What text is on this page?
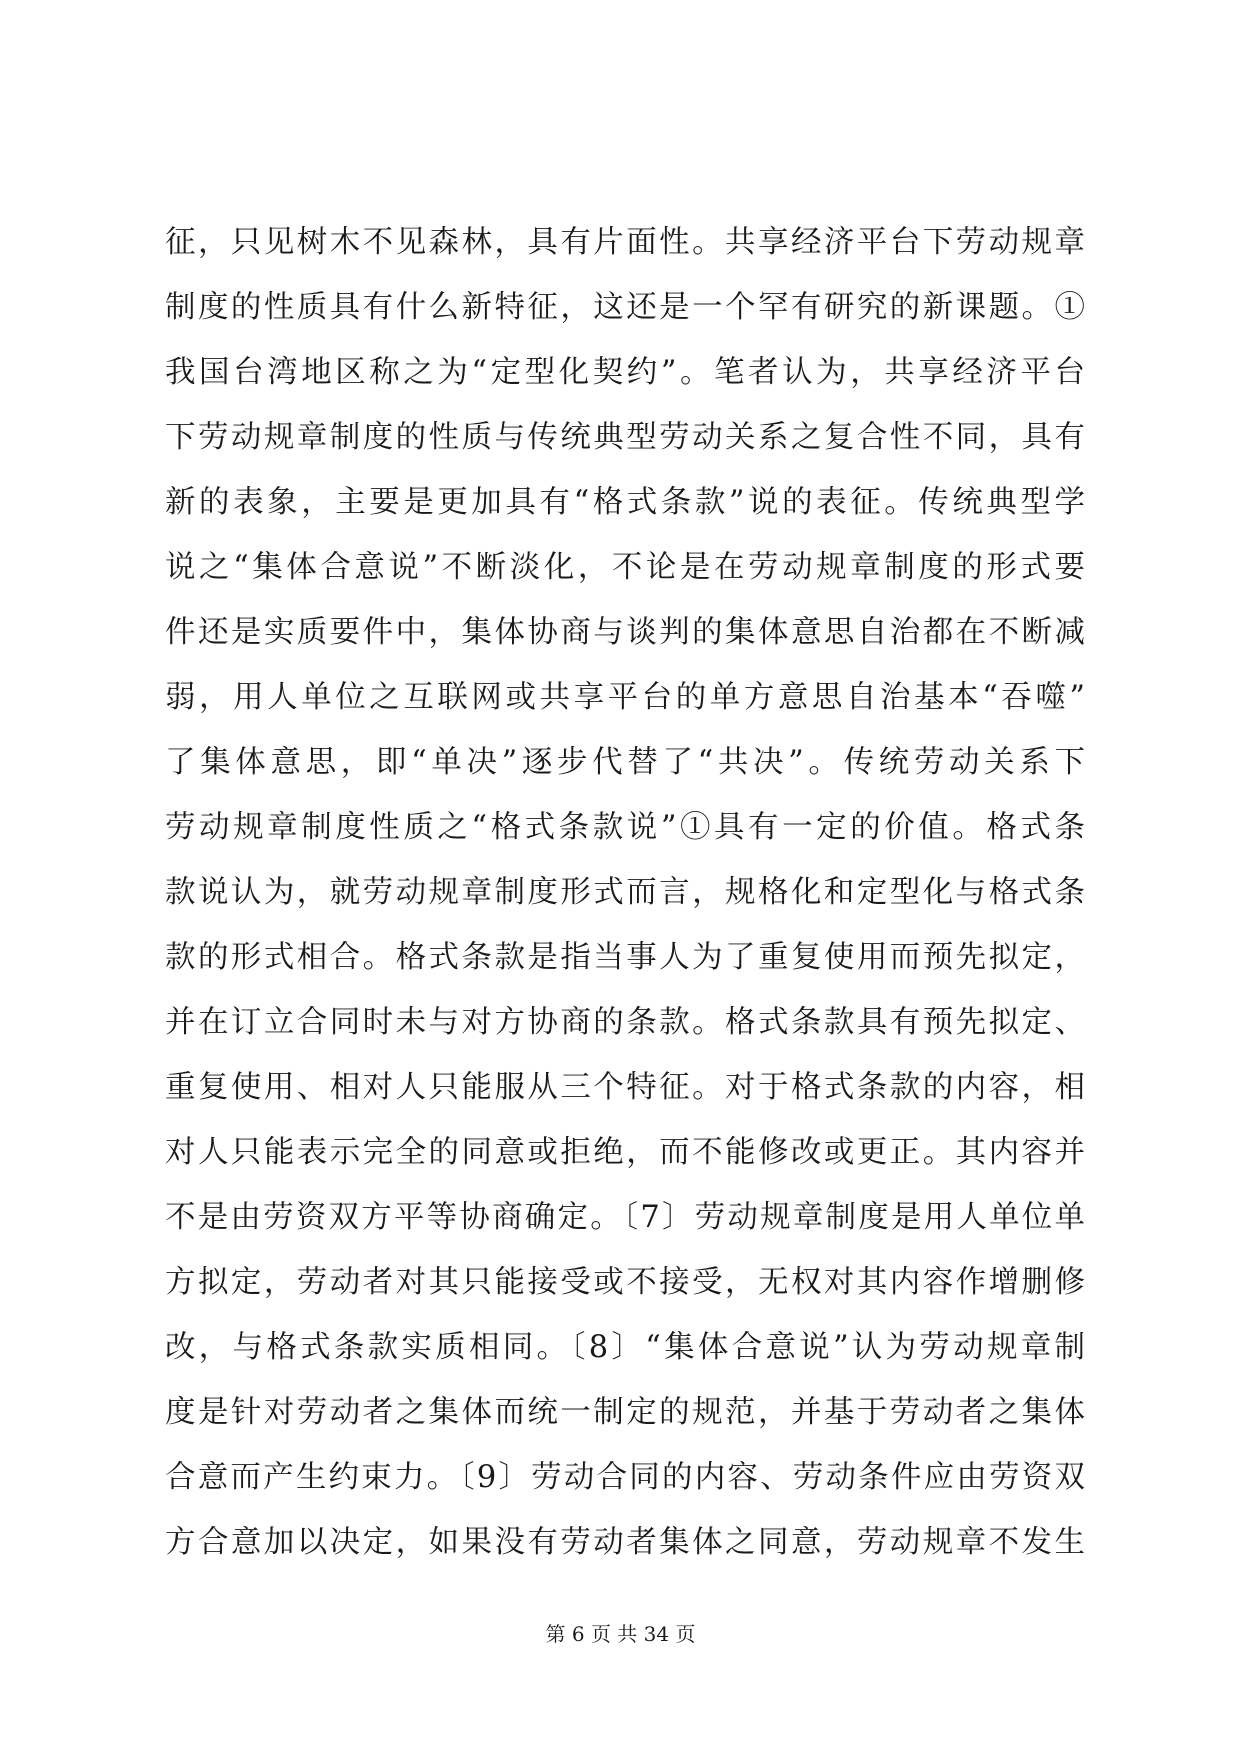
征，只见树木不见森林，具有片面性。共享经济平台下劳动规章
制度的性质具有什么新特征，这还是一个罕有研究的新课题。①
我国台湾地区称之为“定型化契约”。笔者认为，共享经济平台
下劳动规章制度的性质与传统典型劳动关系之复合性不同，具有
新的表象，主要是更加具有“格式条款”说的表征。传统典型学
说之“集体合意说”不断淡化，不论是在劳动规章制度的形式要
件还是实质要件中，集体协商与谈判的集体意思自治都在不断减
弱，用人单位之互联网或共享平台的单方意思自治基本“吞噬”
了集体意思，即“单决”逐步代替了“共决”。传统劳动关系下
劳动规章制度性质之“格式条款说”①具有一定的价值。格式条
款说认为，就劳动规章制度形式而言，规格化和定型化与格式条
款的形式相合。格式条款是指当事人为了重复使用而预先拟定，
并在订立合同时未与对方协商的条款。格式条款具有预先拟定、
重复使用、相对人只能服从三个特征。对于格式条款的内容，相
对人只能表示完全的同意或拒绝，而不能修改或更正。其内容并
不是由劳资双方平等协商确定。〔7〕劳动规章制度是用人单位单
方拟定，劳动者对其只能接受或不接受，无权对其内容作增删修
改，与格式条款实质相同。〔8〕“集体合意说”认为劳动规章制
度是针对劳动者之集体而统一制定的规范，并基于劳动者之集体
合意而产生约束力。〔9〕劳动合同的内容、劳动条件应由劳资双
方合意加以决定，如果没有劳动者集体之同意，劳动规章不发生
第 6 页 共 34 页
